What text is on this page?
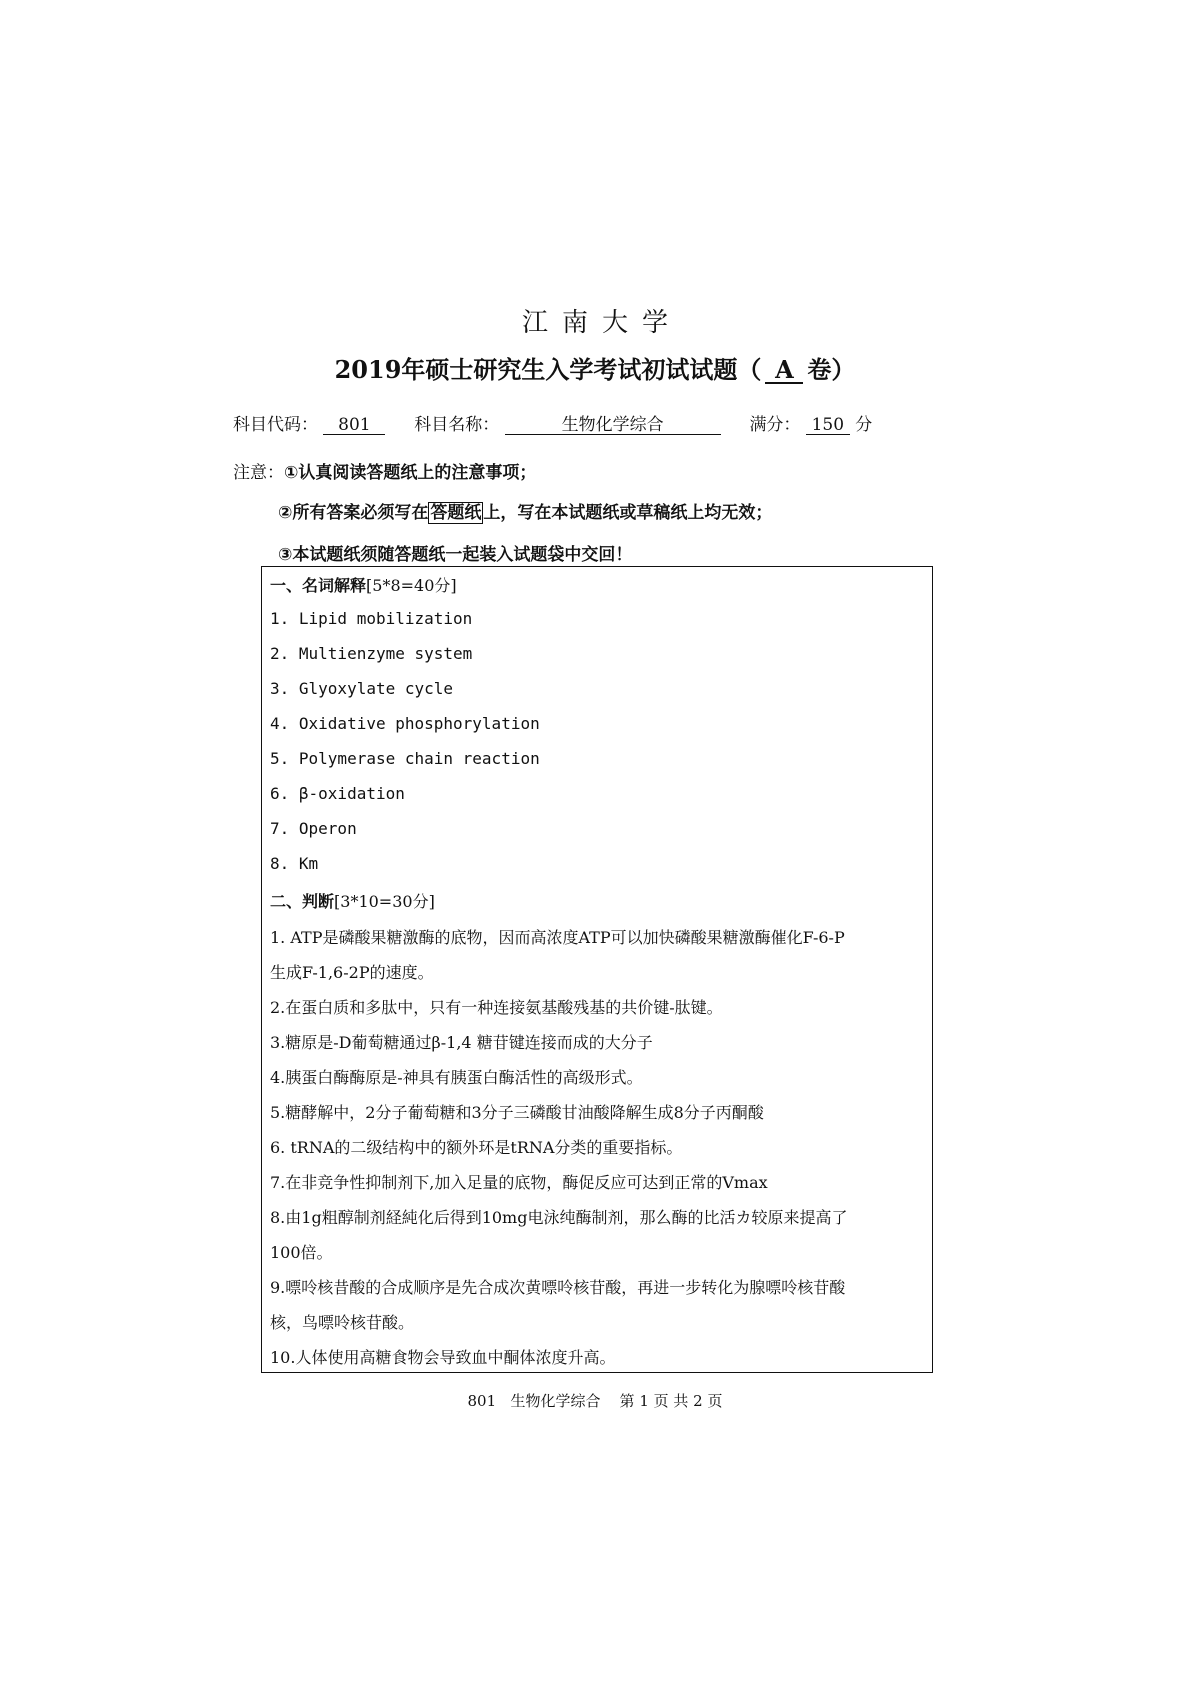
江南大学
2019年硕士研究生入学考试初试试题（ A 卷）
科目代码： 801	科目名称：	生物化学综合	满分： 150 分
注意：①认真阅读答题纸上的注意事项；
②所有答案必须写在 答题纸 上，写在本试题纸或草稿纸上均无效；
③本试题纸须随答题纸一起装入试题袋中交回！
一、名词解释[5*8=40分]
1. Lipid mobilization
2. Multienzyme system
3. Glyoxylate cycle
4. Oxidative phosphorylation
5. Polymerase chain reaction
6. β-oxidation
7. Operon
8. Km
二、判断[3*10=30分]
1. ATP是磷酸果糖激酶的底物，因而高浓度ATP可以加快磷酸果糖激酶催化F-6-P
生成F-1,6-2P的速度。
2.在蛋白质和多肽中，只有一种连接氨基酸残基的共价键-肽键。
3.糖原是-D葡萄糖通过β-1,4 糖苷键连接而成的大分子
4.胰蛋白酶酶原是-神具有胰蛋白酶活性的高级形式。
5.糖酵解中，2分子葡萄糖和3分子三磷酸甘油酸降解生成8分子丙酮酸
6. tRNA的二级结构中的额外环是tRNA分类的重要指标。
7.在非竞争性抑制剂下,加入足量的底物，酶促反应可达到正常的Vmax
8.由1g粗醇制剂経純化后得到10mg电泳纯酶制剂，那么酶的比活カ较原来提高了
100倍。
9.嘌呤核昔酸的合成顺序是先合成次黄嘌呤核苷酸，再进一步转化为腺嘌呤核苷酸
核，鸟嘌呤核苷酸。
10.人体使用高糖食物会导致血中酮体浓度升高。
801 生物化学综合 第 1 页 共 2 页
